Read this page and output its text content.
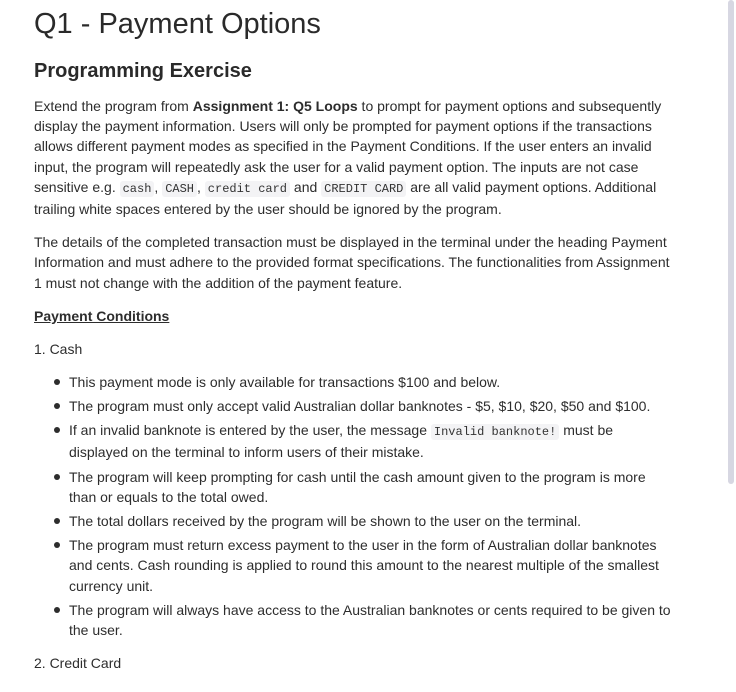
Q1 - Payment Options
Programming Exercise

Extend the program from Assignment 1: Q5 Loops to prompt for payment options and subsequently display the payment information. Users will only be prompted for payment options if the transactions allows different payment modes as specified in the Payment Conditions. If the user enters an invalid input, the program will repeatedly ask the user for a valid payment option. The inputs are not case sensitive e.g. cash , CASH , credit card and CREDIT CARD are all valid payment options. Additional trailing white spaces entered by the user should be ignored by the program.

The details of the completed transaction must be displayed in the terminal under the heading Payment Information and must adhere to the provided format specifications. The functionalities from Assignment 1 must not change with the addition of the payment feature.

Payment Conditions
1. Cash
This payment mode is only available for transactions $100 and below.
The program must only accept valid Australian dollar banknotes - $5, $10, $20, $50 and $100.
If an invalid banknote is entered by the user, the message Invalid banknote! must be displayed on the terminal to inform users of their mistake.
The program will keep prompting for cash until the cash amount given to the program is more than or equals to the total owed.
The total dollars received by the program will be shown to the user on the terminal.
The program must return excess payment to the user in the form of Australian dollar banknotes and cents. Cash rounding is applied to round this amount to the nearest multiple of the smallest currency unit.
The program will always have access to the Australian banknotes or cents required to be given to the user.
2. Credit Card
